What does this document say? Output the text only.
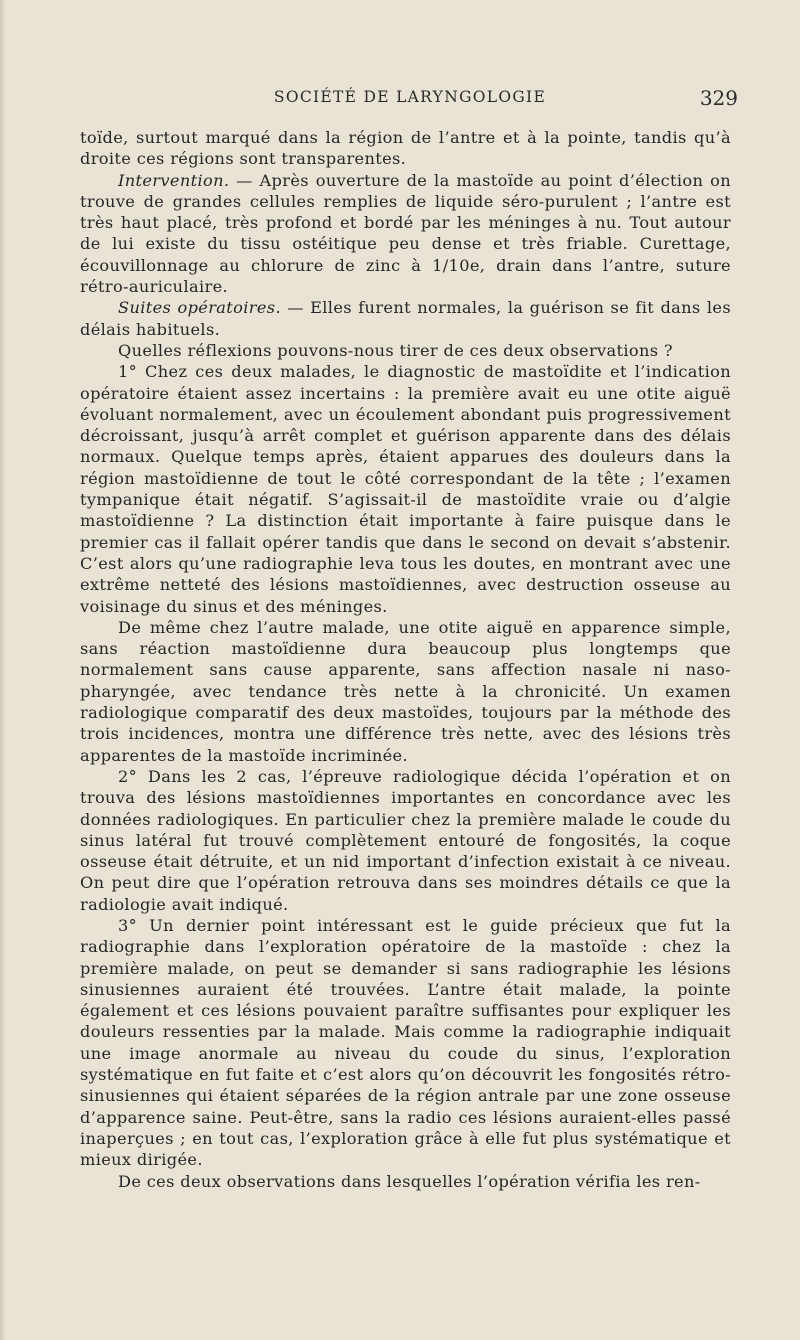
SOCIÉTÉ DE LARYNGOLOGIE	329

toïde, surtout marqué dans la région de l’antre et à la pointe, tandis qu’à droite ces régions sont transparentes.

Intervention. — Après ouverture de la mastoïde au point d’élection on trouve de grandes cellules remplies de liquide séro-purulent ; l’antre est très haut placé, très profond et bordé par les méninges à nu. Tout autour de lui existe du tissu ostéitique peu dense et très friable. Curettage, écouvillonnage au chlorure de zinc à 1/10e, drain dans l’antre, suture rétro-auriculaire.

Suites opératoires. — Elles furent normales, la guérison se fit dans les délais habituels.

Quelles réflexions pouvons-nous tirer de ces deux observations ?

1° Chez ces deux malades, le diagnostic de mastoïdite et l’indication opératoire étaient assez incertains : la première avait eu une otite aiguë évoluant normalement, avec un écoulement abondant puis progressivement décroissant, jusqu’à arrêt complet et guérison apparente dans des délais normaux. Quelque temps après, étaient apparues des douleurs dans la région mastoïdienne de tout le côté correspondant de la tête ; l’examen tympanique était négatif. S’agissait-il de mastoïdite vraie ou d’algie mastoïdienne ? La distinction était importante à faire puisque dans le premier cas il fallait opérer tandis que dans le second on devait s’abstenir. C’est alors qu’une radiographie leva tous les doutes, en montrant avec une extrême netteté des lésions mastoïdiennes, avec destruction osseuse au voisinage du sinus et des méninges.

De même chez l’autre malade, une otite aiguë en apparence simple, sans réaction mastoïdienne dura beaucoup plus longtemps que normalement sans cause apparente, sans affection nasale ni naso-pharyngée, avec tendance très nette à la chronicité. Un examen radiologique comparatif des deux mastoïdes, toujours par la méthode des trois incidences, montra une différence très nette, avec des lésions très apparentes de la mastoïde incriminée.

2° Dans les 2 cas, l’épreuve radiologique décida l’opération et on trouva des lésions mastoïdiennes importantes en concordance avec les données radiologiques. En particulier chez la première malade le coude du sinus latéral fut trouvé complètement entouré de fongosités, la coque osseuse était détruite, et un nid important d’infection existait à ce niveau. On peut dire que l’opération retrouva dans ses moindres détails ce que la radiologie avait indiqué.

3° Un dernier point intéressant est le guide précieux que fut la radiographie dans l’exploration opératoire de la mastoïde : chez la première malade, on peut se demander si sans radiographie les lésions sinusiennes auraient été trouvées. L’antre était malade, la pointe également et ces lésions pouvaient paraître suffisantes pour expliquer les douleurs ressenties par la malade. Mais comme la radiographie indiquait une image anormale au niveau du coude du sinus, l’exploration systématique en fut faite et c’est alors qu’on découvrit les fongosités rétro-sinusiennes qui étaient séparées de la région antrale par une zone osseuse d’apparence saine. Peut-être, sans la radio ces lésions auraient-elles passé inaperçues ; en tout cas, l’exploration grâce à elle fut plus systématique et mieux dirigée.

De ces deux observations dans lesquelles l’opération vérifia les ren-
